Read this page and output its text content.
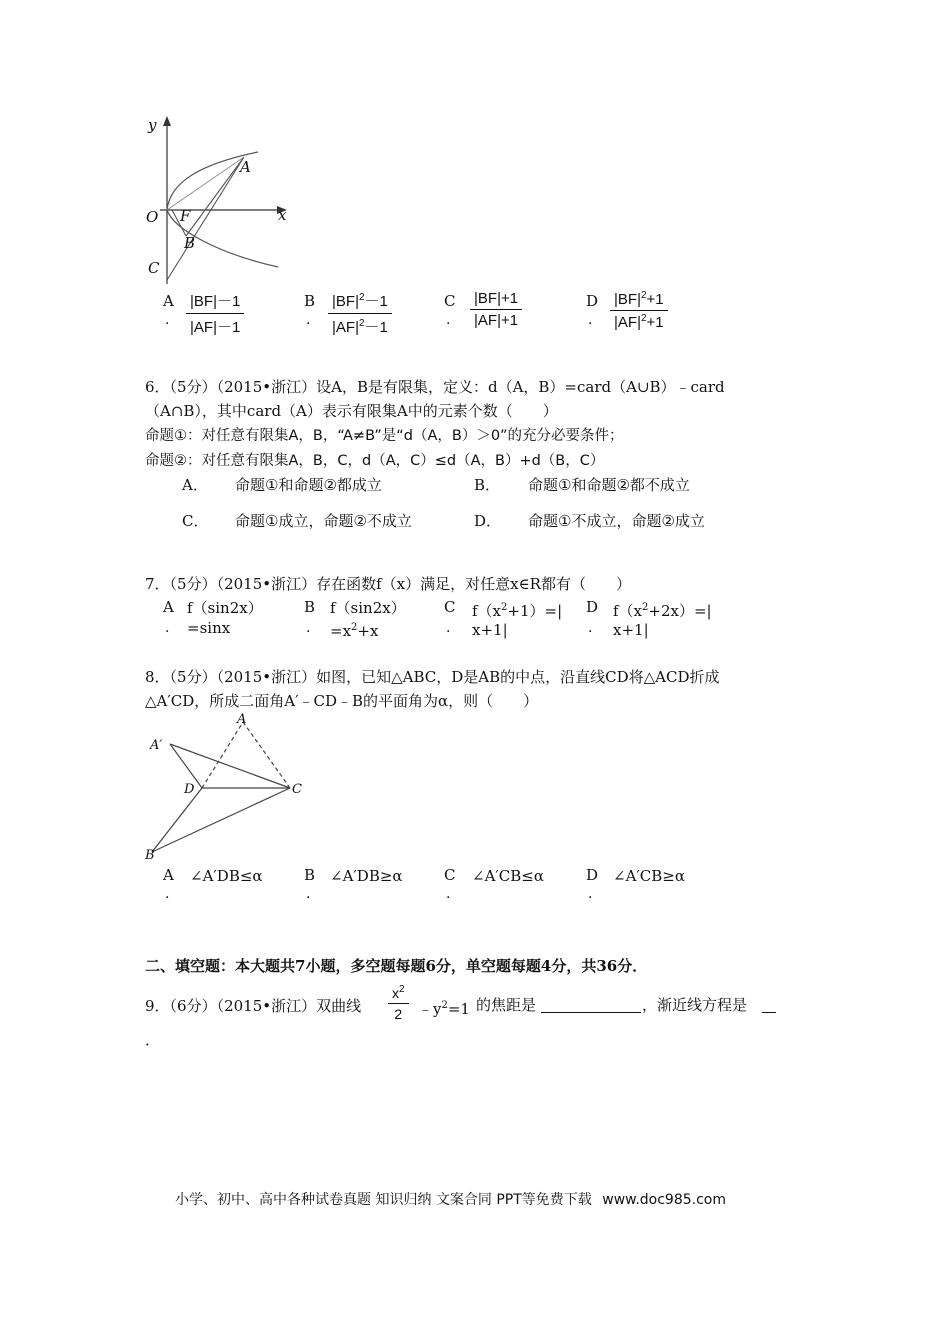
y
x
O F
A
B
C
A
. $\frac{|BF|-1}{|AF|-1}$	B
. $\frac{|BF|^2-1}{|AF|^2-1}$	C
. $\frac{|BF|+1}{|AF|+1}$	D
. $\frac{|BF|^2+1}{|AF|^2+1}$
6．（5分）（2015•浙江）设A，B是有限集，定义：d（A，B）=card（A∪B）﹣card
（A∩B），其中card（A）表示有限集A中的元素个数（　　）
命题①：对任意有限集A，B，“A≠B”是“d（A，B）＞0”的充分必要条件；
命题②：对任意有限集A，B，C，d（A，C）≤d（A，B）+d（B，C）
A． 命题①和命题②都成立	B． 命题①和命题②都不成立
C． 命题①成立，命题②不成立	D． 命题①不成立，命题②成立
7．（5分）（2015•浙江）存在函数f（x）满足，对任意x∈R都有（　　）
A
.
f（sin2x）
=sinx
B
.
f（sin2x）
$=x^2+x$
C
.
$f(x^2+1)=|$
x+1|
D
.
$f(x^2+2x)=|$
x+1|
8．（5分）（2015•浙江）如图，已知△ABC，D是AB的中点，沿直线CD将△ACD折成
△A′CD，所成二面角A′﹣CD﹣B的平面角为α，则（　　）
A
A′
D	C
B
A
.
∠A′DB≤α	B
.
∠A′DB≥α	C
.
∠A′CB≤α	D
.
∠A′CB≥α
二、填空题：本大题共7小题，多空题每题6分，单空题每题4分，共36分．
9．（6分）（2015•浙江）双曲线 $\frac{x^2}{2}$ $﹣y^2=1$ 的焦距是	，渐近线方程是
．
小学、初中、高中各种试卷真题 知识归纳 文案合同 PPT等免费下载 www.doc985.com
